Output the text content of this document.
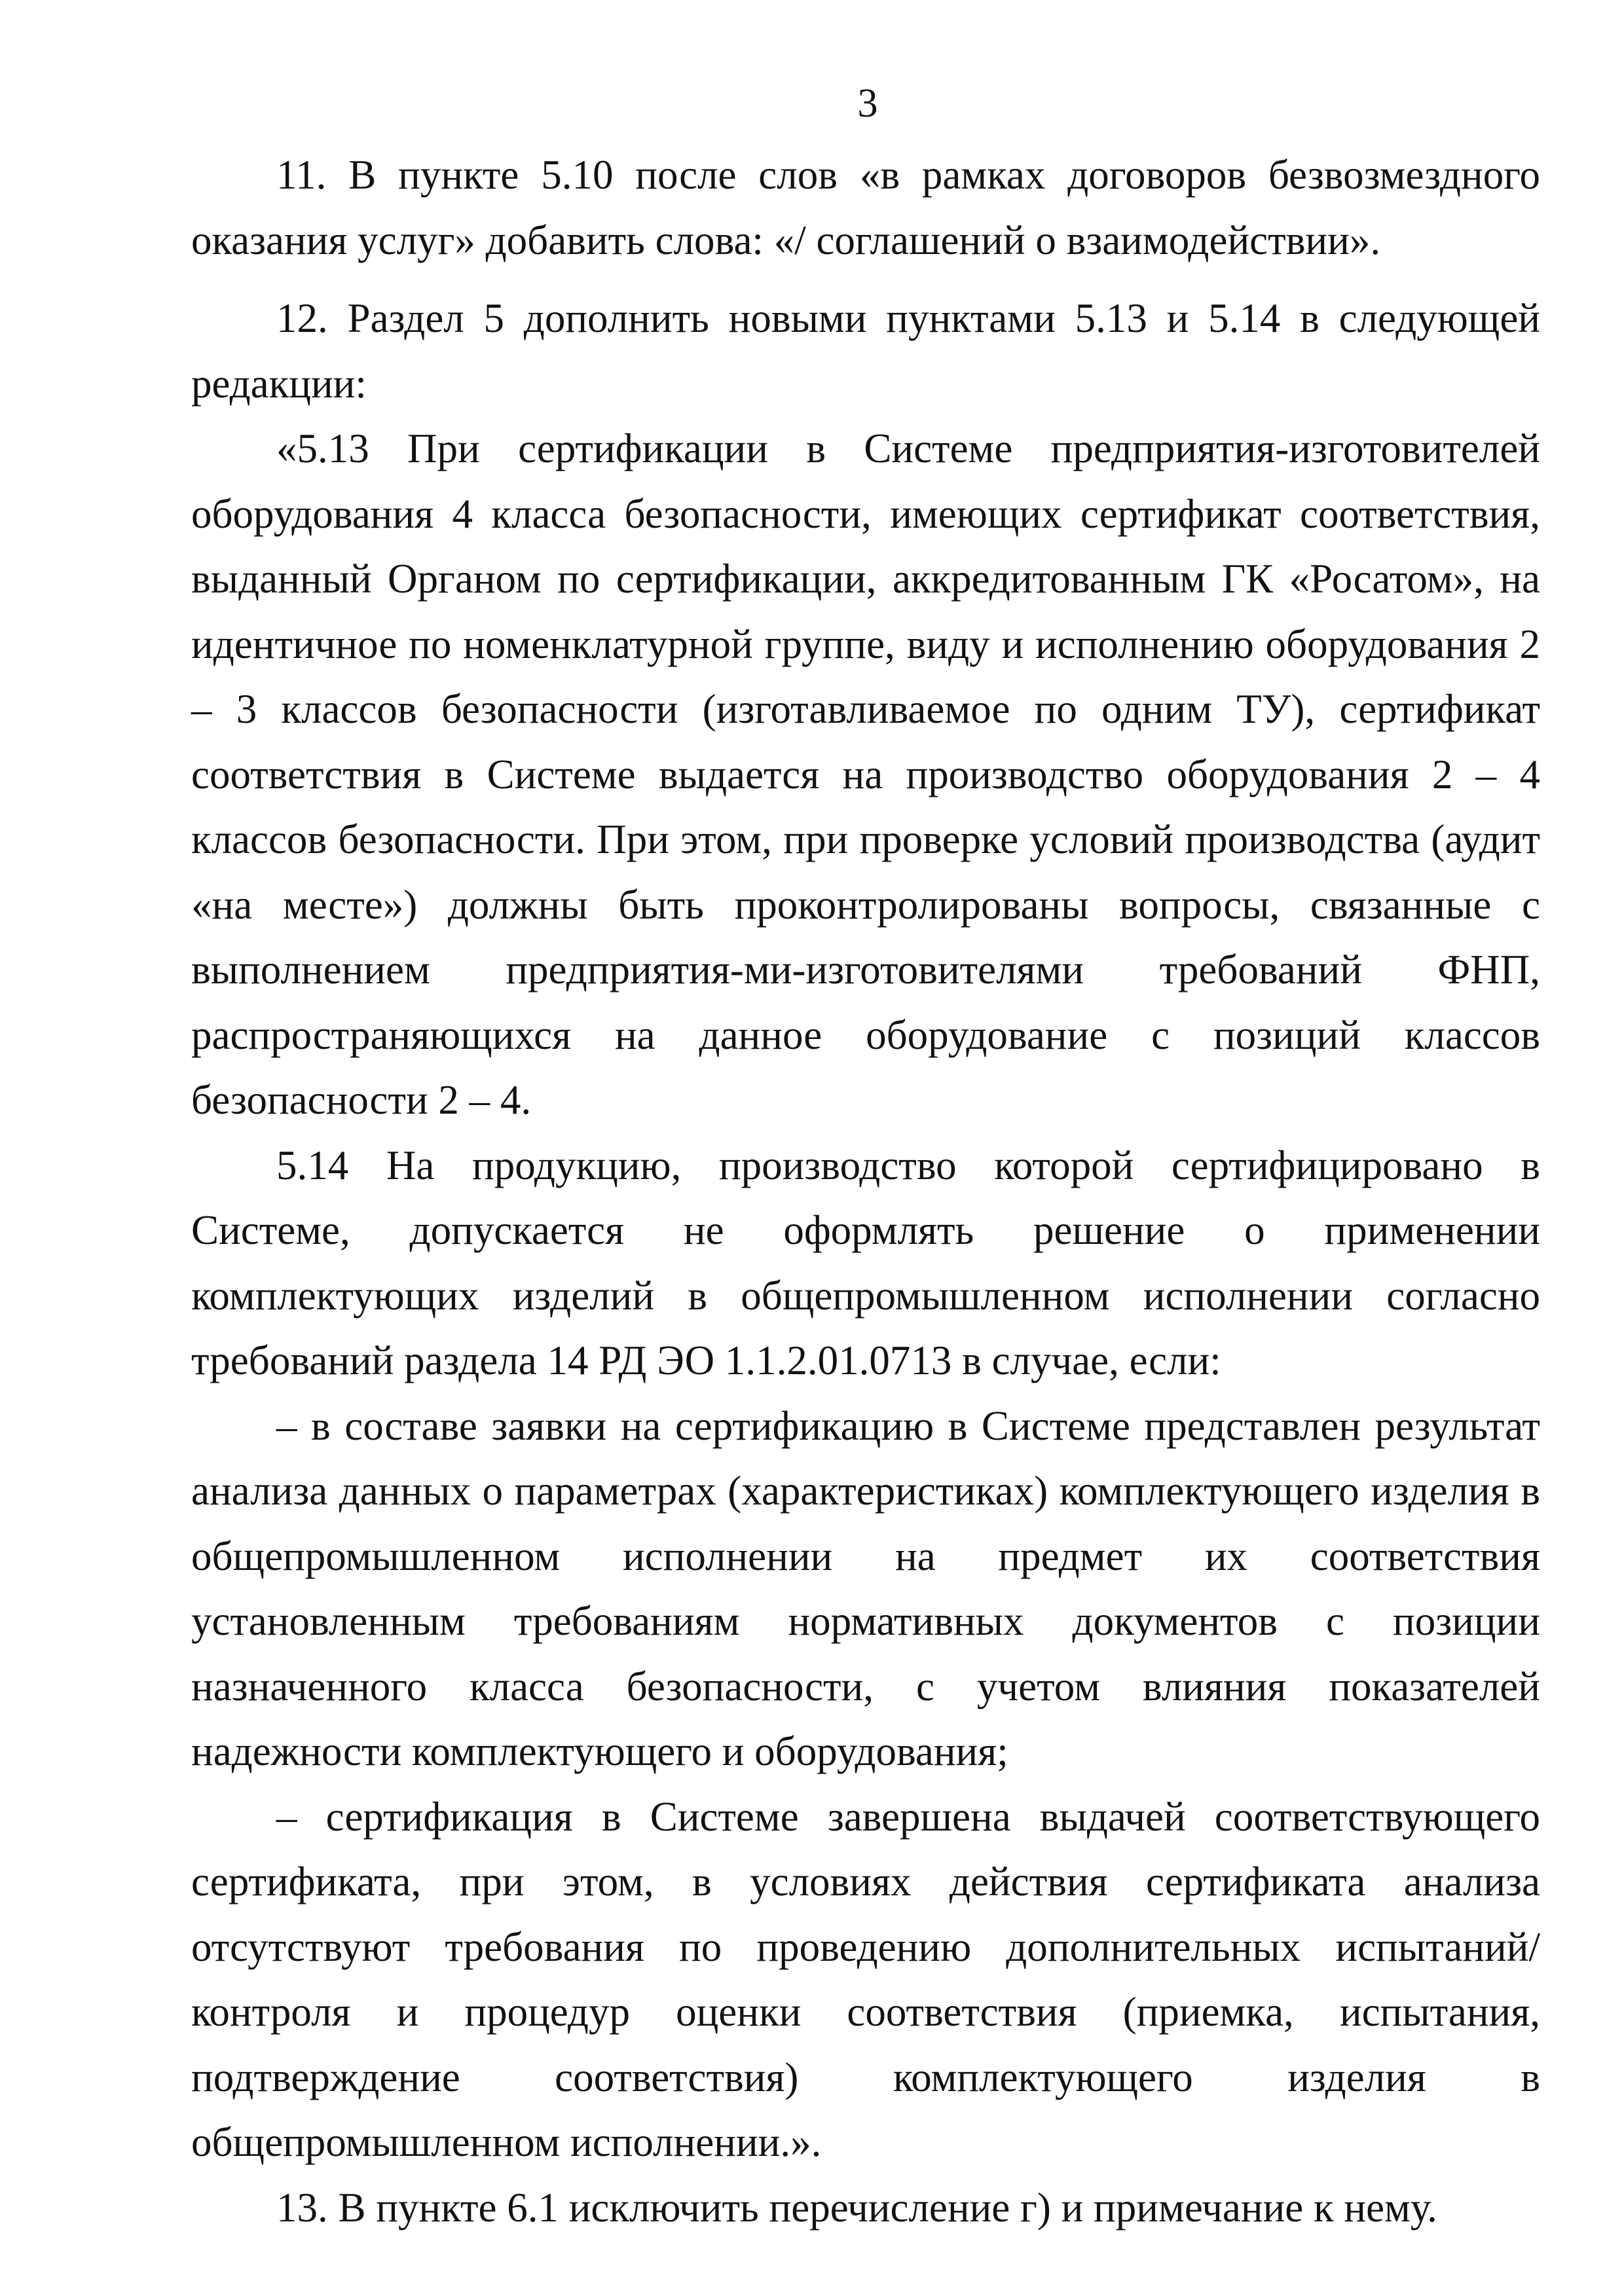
3

11. В пункте 5.10 после слов «в рамках договоров безвозмездного оказания услуг» добавить слова: «/ соглашений о взаимодействии».

12. Раздел 5 дополнить новыми пунктами 5.13 и 5.14 в следующей редакции:

«5.13 При сертификации в Системе предприятия-изготовителей оборудования 4 класса безопасности, имеющих сертификат соответствия, выданный Органом по сертификации, аккредитованным ГК «Росатом», на идентичное по номенклатурной группе, виду и исполнению оборудования 2 – 3 классов безопасности (изготавливаемое по одним ТУ), сертификат соответствия в Системе выдается на производство оборудования 2 – 4 классов безопасности. При этом, при проверке условий производства (аудит «на месте») должны быть проконтролированы вопросы, связанные с выполнением предприятия-ми-изготовителями требований ФНП, распространяющихся на данное оборудование с позиций классов безопасности 2 – 4.

5.14 На продукцию, производство которой сертифицировано в Системе, допускается не оформлять решение о применении комплектующих изделий в общепромышленном исполнении согласно требований раздела 14 РД ЭО 1.1.2.01.0713 в случае, если:

– в составе заявки на сертификацию в Системе представлен результат анализа данных о параметрах (характеристиках) комплектующего изделия в общепромышленном исполнении на предмет их соответствия установленным требованиям нормативных документов с позиции назначенного класса безопасности, с учетом влияния показателей надежности комплектующего и оборудования;

– сертификация в Системе завершена выдачей соответствующего сертификата, при этом, в условиях действия сертификата анализа отсутствуют требования по проведению дополнительных испытаний/контроля и процедур оценки соответствия (приемка, испытания, подтверждение соответствия) комплектующего изделия в общепромышленном исполнении.».

13. В пункте 6.1 исключить перечисление г) и примечание к нему.
